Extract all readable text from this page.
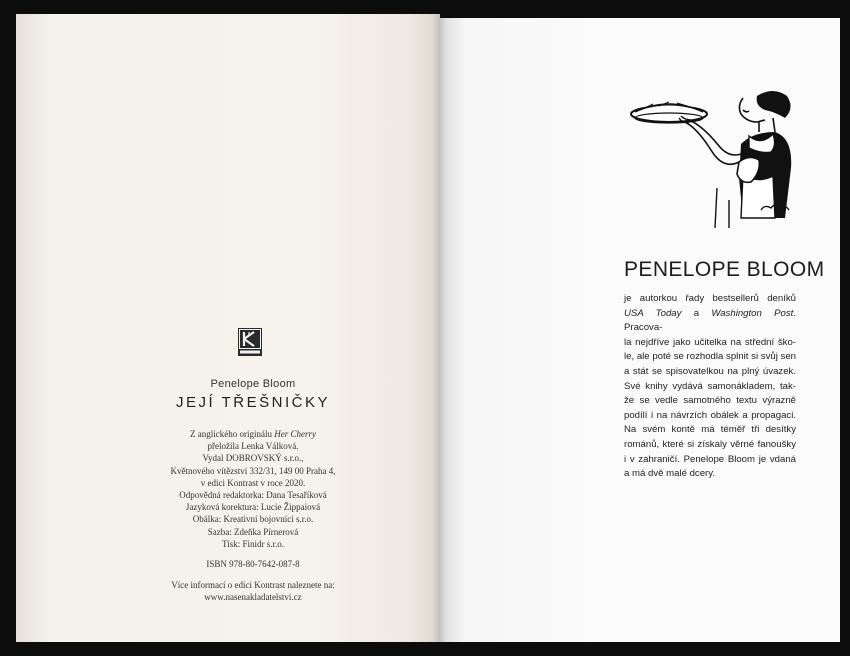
Penelope Bloom
JEJÍ TŘEŠNIČKY
Z anglického originálu Her Cherry
přeložila Lenka Válková.
Vydal DOBROVSKÝ s.r.o.,
Květnového vítězství 332/31, 149 00 Praha 4,
v edici Kontrast v roce 2020.
Odpovědná redaktorka: Dana Tesaříková
Jazyková korektura: Lucie Žippaiová
Obálka: Kreativní bojovníci s.r.o.
Sazba: Zdeňka Pírnerová
Tisk: Finidr s.r.o.
ISBN 978-80-7642-087-8
Více informací o edici Kontrast naleznete na:
www.nasenakladatelstvi.cz
PENELOPE BLOOM
je autorkou řady bestsellerů deníků
USA Today a Washington Post. Pracova-
la nejdříve jako učitelka na střední ško-
le, ale poté se rozhodla splnit si svůj sen
a stát se spisovatelkou na plný úvazek.
Své knihy vydává samonákladem, tak-
že se vedle samotného textu výrazně
podílí i na návrzích obálek a propagaci.
Na svém kontě má téměř tři desítky
románů, které si získaly věrné fanoušky
i v zahraničí. Penelope Bloom je vdaná
a má dvě malé dcery.
